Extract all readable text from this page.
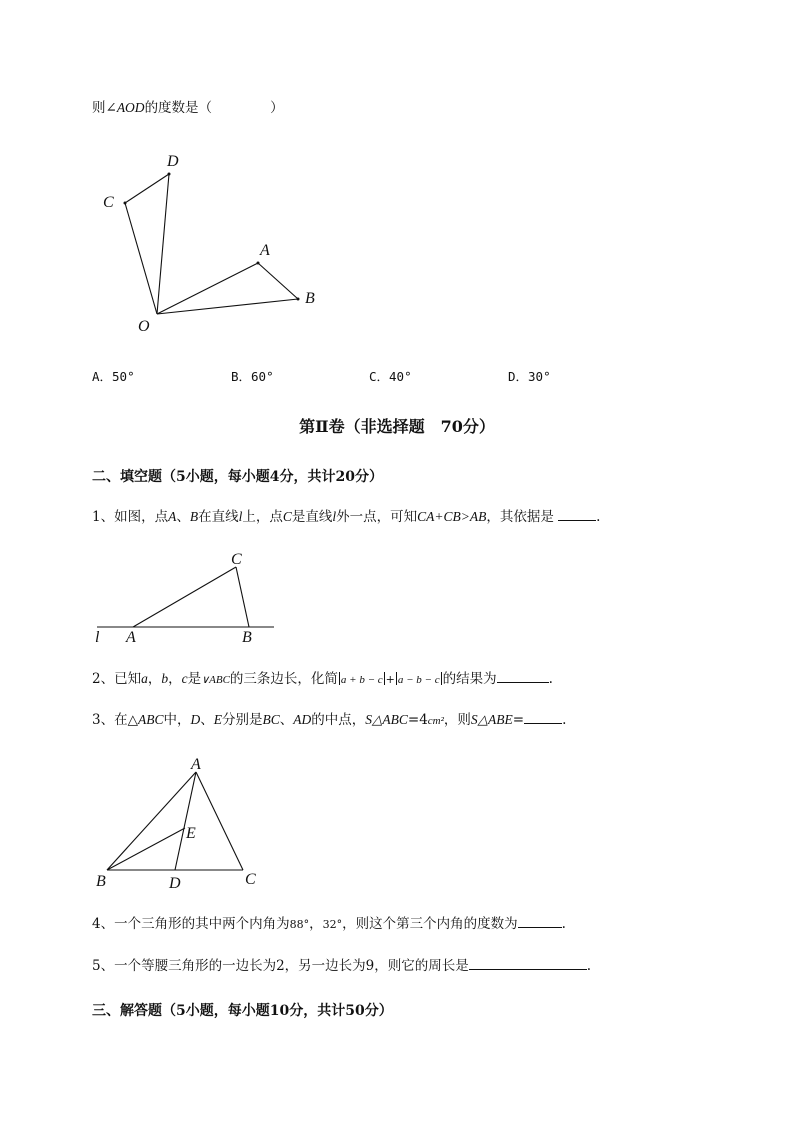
则∠AOD的度数是（	）
D
C
A
B
O
A．50°	B．60°	C．40°	D．30°
第Ⅱ卷（非选择题　70分）
二、填空题（5小题，每小题4分，共计20分）
1、如图，点A、B在直线l上，点C是直线l外一点，可知CA+CB>AB，其依据是	.
C
l A	B
2、已知a，b，c是∨ABC的三条边长，化简 a + b − c + a − b − c 的结果为	.
3、在△ABC中，D、E分别是BC、AD的中点，S△ABC=4cm²，则S△ABE=	.
A
E
B	D	C
4、一个三角形的其中两个内角为88°，32°，则这个第三个内角的度数为	.
5、一个等腰三角形的一边长为2，另一边长为9，则它的周长是	.
三、解答题（5小题，每小题10分，共计50分）
